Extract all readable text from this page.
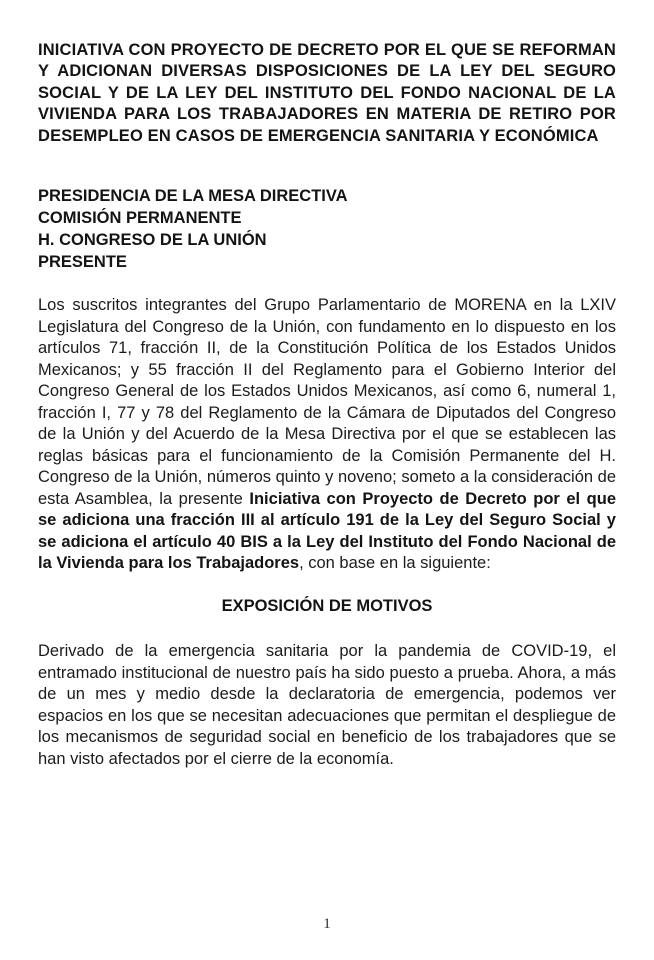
INICIATIVA CON PROYECTO DE DECRETO POR EL QUE SE REFORMAN Y ADICIONAN DIVERSAS DISPOSICIONES DE LA LEY DEL SEGURO SOCIAL Y DE LA LEY DEL INSTITUTO DEL FONDO NACIONAL DE LA VIVIENDA PARA LOS TRABAJADORES EN MATERIA DE RETIRO POR DESEMPLEO EN CASOS DE EMERGENCIA SANITARIA Y ECONÓMICA

PRESIDENCIA DE LA MESA DIRECTIVA

COMISIÓN PERMANENTE

H. CONGRESO DE LA UNIÓN

PRESENTE

Los suscritos integrantes del Grupo Parlamentario de MORENA en la LXIV Legislatura del Congreso de la Unión, con fundamento en lo dispuesto en los artículos 71, fracción II, de la Constitución Política de los Estados Unidos Mexicanos; y 55 fracción II del Reglamento para el Gobierno Interior del Congreso General de los Estados Unidos Mexicanos, así como 6, numeral 1, fracción I, 77 y 78 del Reglamento de la Cámara de Diputados del Congreso de la Unión y del Acuerdo de la Mesa Directiva por el que se establecen las reglas básicas para el funcionamiento de la Comisión Permanente del H. Congreso de la Unión, números quinto y noveno; someto a la consideración de esta Asamblea, la presente Iniciativa con Proyecto de Decreto por el que se adiciona una fracción III al artículo 191 de la Ley del Seguro Social y se adiciona el artículo 40 BIS a la Ley del Instituto del Fondo Nacional de la Vivienda para los Trabajadores, con base en la siguiente:

EXPOSICIÓN DE MOTIVOS

Derivado de la emergencia sanitaria por la pandemia de COVID-19, el entramado institucional de nuestro país ha sido puesto a prueba. Ahora, a más de un mes y medio desde la declaratoria de emergencia, podemos ver espacios en los que se necesitan adecuaciones que permitan el despliegue de los mecanismos de seguridad social en beneficio de los trabajadores que se han visto afectados por el cierre de la economía.

1
